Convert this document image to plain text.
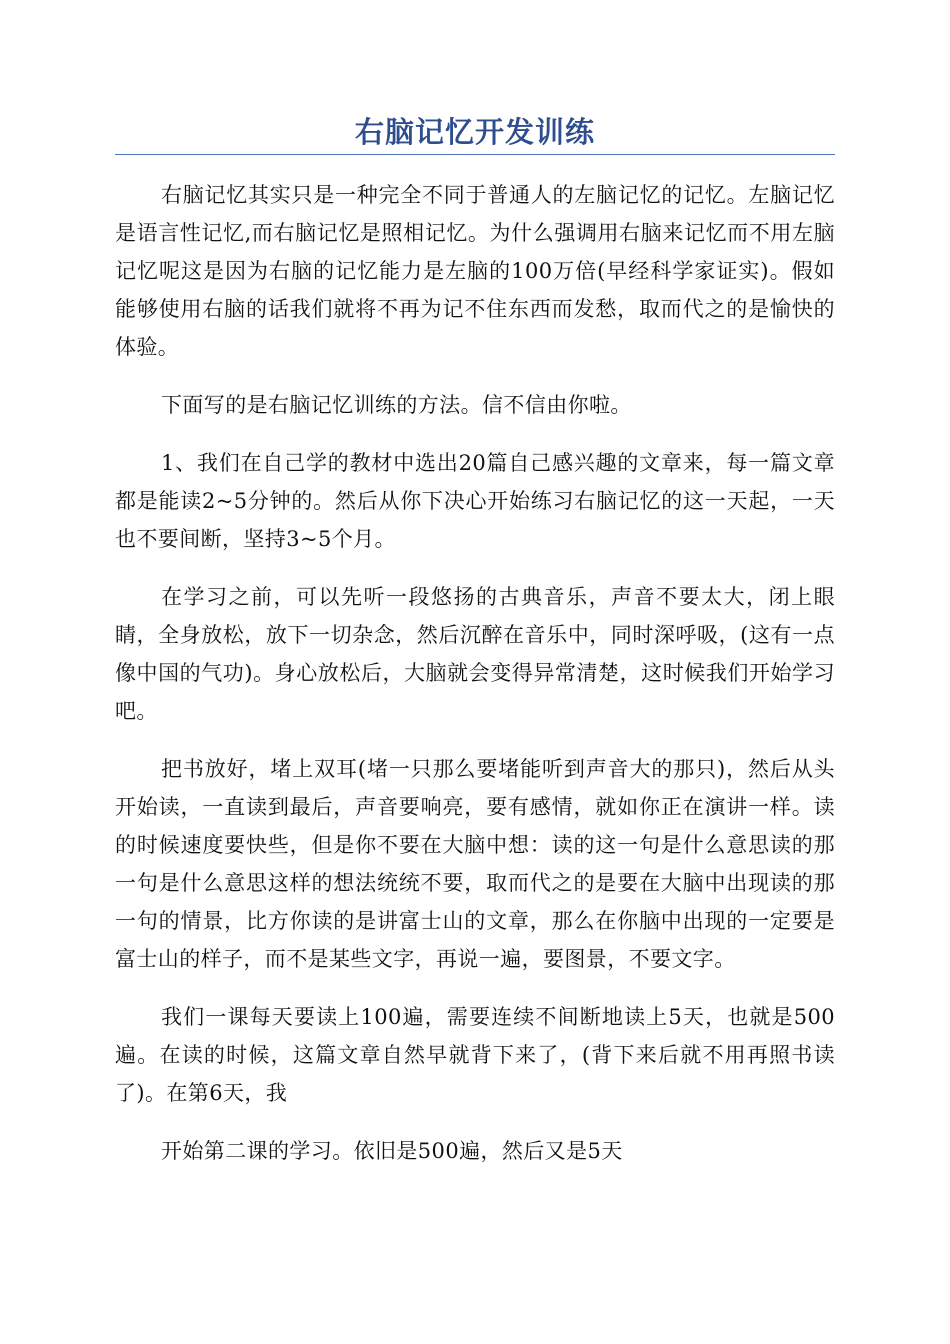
右脑记忆开发训练

右脑记忆其实只是一种完全不同于普通人的左脑记忆的记忆。左脑记忆是语言性记忆,而右脑记忆是照相记忆。为什么强调用右脑来记忆而不用左脑记忆呢这是因为右脑的记忆能力是左脑的100万倍(早经科学家证实)。假如能够使用右脑的话我们就将不再为记不住东西而发愁，取而代之的是愉快的体验。

下面写的是右脑记忆训练的方法。信不信由你啦。

1、我们在自己学的教材中选出20篇自己感兴趣的文章来，每一篇文章都是能读2~5分钟的。然后从你下决心开始练习右脑记忆的这一天起，一天也不要间断，坚持3~5个月。

在学习之前，可以先听一段悠扬的古典音乐，声音不要太大，闭上眼睛，全身放松，放下一切杂念，然后沉醉在音乐中，同时深呼吸，(这有一点像中国的气功)。身心放松后，大脑就会变得异常清楚，这时候我们开始学习吧。

把书放好，堵上双耳(堵一只那么要堵能听到声音大的那只)，然后从头开始读，一直读到最后，声音要响亮，要有感情，就如你正在演讲一样。读的时候速度要快些，但是你不要在大脑中想：读的这一句是什么意思读的那一句是什么意思这样的想法统统不要，取而代之的是要在大脑中出现读的那一句的情景，比方你读的是讲富士山的文章，那么在你脑中出现的一定要是富士山的样子，而不是某些文字，再说一遍，要图景，不要文字。

我们一课每天要读上100遍，需要连续不间断地读上5天，也就是500遍。在读的时候，这篇文章自然早就背下来了，(背下来后就不用再照书读了)。在第6天，我

开始第二课的学习。依旧是500遍，然后又是5天
